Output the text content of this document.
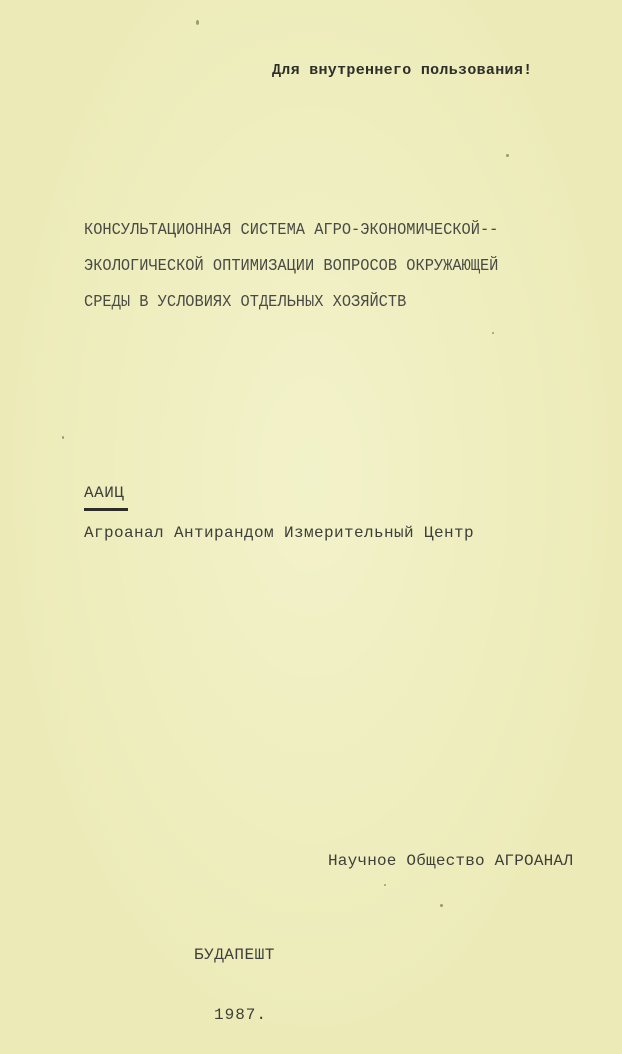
Для внутреннего пользования!
КОНСУЛЬТАЦИОННАЯ СИСТЕМА АГРО-ЭКОНОМИЧЕСКОЙ--
ЭКОЛОГИЧЕСКОЙ ОПТИМИЗАЦИИ ВОПРОСОВ ОКРУЖАЮЩЕЙ
СРЕДЫ В УСЛОВИЯХ ОТДЕЛЬНЫХ ХОЗЯЙСТВ
ААИЦ
Агроанал Антирандом Измерительный Центр
Научное Общество АГРОАНАЛ
БУДАПЕШТ
1987.
